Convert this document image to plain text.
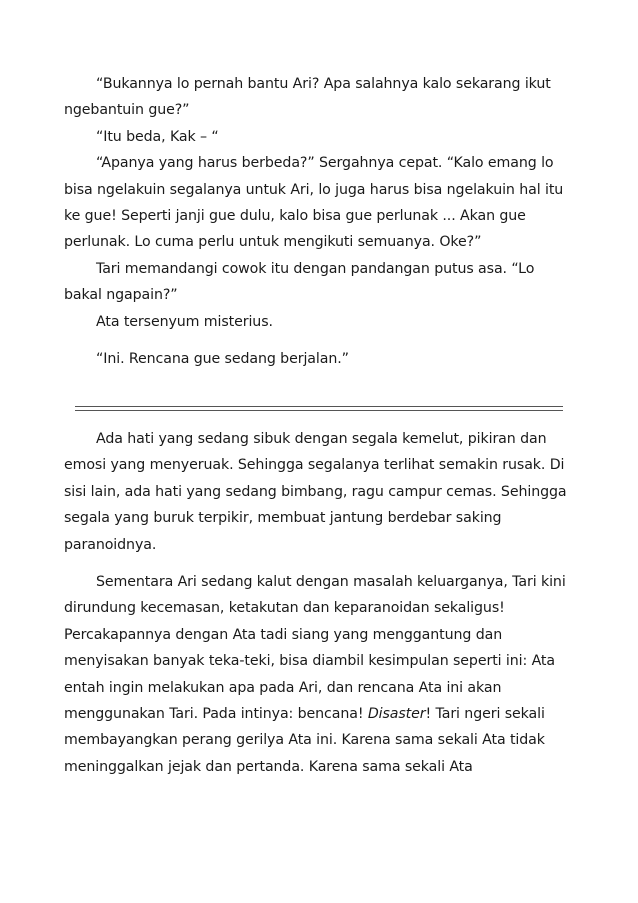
“Bukannya lo pernah bantu Ari? Apa salahnya kalo sekarang ikut ngebantuin gue?”

“Itu beda, Kak – “

“Apanya yang harus berbeda?” Sergahnya cepat. “Kalo emang lo bisa ngelakuin segalanya untuk Ari, lo juga harus bisa ngelakuin hal itu ke gue! Seperti janji gue dulu, kalo bisa gue perlunak ... Akan gue perlunak. Lo cuma perlu untuk mengikuti semuanya. Oke?”

Tari memandangi cowok itu dengan pandangan putus asa. “Lo bakal ngapain?”

Ata tersenyum misterius.

“Ini. Rencana gue sedang berjalan.”

Ada hati yang sedang sibuk dengan segala kemelut, pikiran dan emosi yang menyeruak. Sehingga segalanya terlihat semakin rusak. Di sisi lain, ada hati yang sedang bimbang, ragu campur cemas. Sehingga segala yang buruk terpikir, membuat jantung berdebar saking paranoidnya.

Sementara Ari sedang kalut dengan masalah keluarganya, Tari kini dirundung kecemasan, ketakutan dan keparanoidan sekaligus! Percakapannya dengan Ata tadi siang yang menggantung dan menyisakan banyak teka-teki, bisa diambil kesimpulan seperti ini: Ata entah ingin melakukan apa pada Ari, dan rencana Ata ini akan menggunakan Tari. Pada intinya: bencana! Disaster! Tari ngeri sekali membayangkan perang gerilya Ata ini. Karena sama sekali Ata tidak meninggalkan jejak dan pertanda. Karena sama sekali Ata
